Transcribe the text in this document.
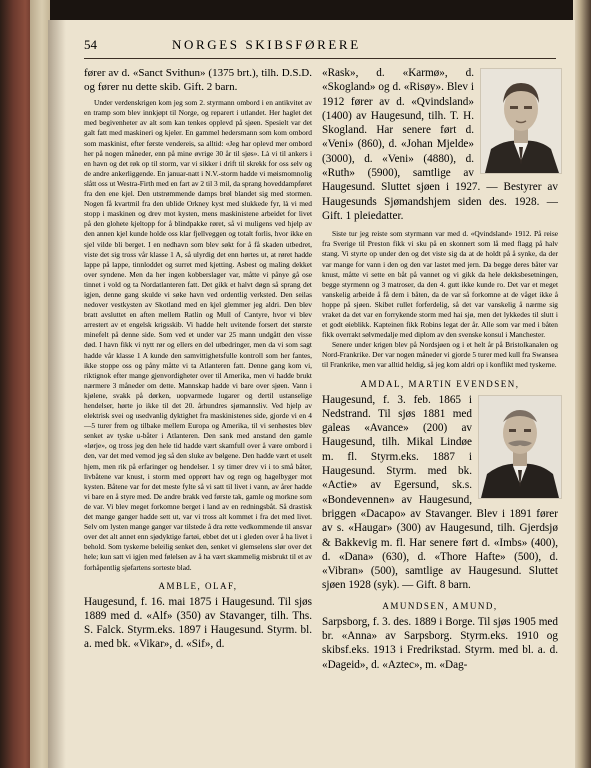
54	NORGES SKIBSFØRERE

fører av d. «Sanct Svithun» (1375 brt.), tilh. D.S.D. og fører nu dette skib. Gift. 2 barn.

Under verdenskrigen kom jeg som 2. styrmann ombord i en antikvitet av en tramp som blev innkjøpt til Norge, og reparert i utlandet. Her haglet det med begivenheter av alt som kan tenkes opplevd på sjøen. Spesielt var det galt fatt med maskineri og kjeler. En gammel hedersmann som kom ombord som maskinist, efter første vendereis, sa alltid: «Jeg har oplevd mer ombord her på nogen måneder, enn på mine øvrige 30 år til sjøs». Là vi til ankers i en havn og det røk op til storm, var vi sikker i drift til skrekk for oss selv og de andre ankerliggende. En januar-natt i N.V.-storm hadde vi møismomnolig slått oss ut Westra-Firth med en fart av 2 til 3 mil, da sprang hoveddampføret fra den ene kjel. Den utstrømmende damps brøl blandet sig med stormen. Nogen få kvartmil fra den ublide Orkney kyst med slukkede fyr, là vi med stopp i maskinen og drev mot kysten, mens maskinistene arbeidet for livet på den glohete kjeltopp for å blindpakke røret, så vi muligens ved hjelp av den annen kjel kunde holde oss klar fjellveggen og totalt forlis, hvor ikke en sjel vilde bli berget. I en nedhavn som blev søkt for å få skaden utbedret, viste det sig tross vår klasse 1 A, så ulyrdig det enn hørtes ut, at røret hadde lappe på lappe, tinnloddet og surret med kjetting. Asbest og maling dekket over syndene. Men da her ingen kobberslager var, måtte vi pånye gå ose tinnet i vold og ta Nordatlanteren fatt. Det gikk et halvt døgn så sprang det igjen, denne gang skulde vi søke havn ved ordentlig verksted. Den seilas nedover vestkysten av Skotland med en kjel glemmer jeg aldri. Den blev bratt avsluttet en aften mellem Ratlin og Mull of Cantyre, hvor vi blev arrestert av et engelsk krigsskib. Vi hadde helt uvitende forsert det største minefelt på denne side. Som ved et under var 25 mann undgått den visse død. I havn fikk vi nytt rør og ellers en del utbedringer, men da vi som sagt hadde vår klasse 1 A kunde den samvittighetsfulle kontroll som her fantes, ikke stoppe oss og påny måtte vi ta Atlanteren fatt. Denne gang kom vi, riktignok efter mange gjenvordigheter over til Amerika, men vi hadde brukt nærmere 3 måneder om dette. Mannskap hadde vi bare over sjøen. Vann i kjølene, svakk på dørken, uopvarmede lugarer og dertil ustanselige hendelser, hørte jo ikke til det 20. århundres sjømannsliv. Ved hjelp av elektrisk svei og usedvanlig dyktighet fra maskinistenes side, gjorde vi en 4—5 turer frem og tilbake mellem Europa og Amerika, til vi senhøstes blev senket av tyske u-båter i Atlanteren. Den sank med anstand den gamle «lørje», og tross jeg den hele tid hadde vært skamfull over å være ombord i den, var det med vemod jeg så den sluke av bølgene. Den hadde vært et uselt hjem, men rik på erfaringer og hendelser. 1 sy timer drev vi i to små båter, livbåtene var knust, i storm med opprørt hav og regn og hagelbyger mot kysten. Båtene var for det meste fylte så vi satt til livet i vann, av årer hadde vi bare en å styre med. De andre brakk ved første tak, gamle og morkne som de var. Vi blev meget forkomne berget i land av en redningsbåt. Så drastisk det mange ganger hadde sett ut, var vi tross alt kommet i fra det med livet. Selv om lysten mange ganger var tilstede å dra rette vedkommende til ansvar over det alt annet enn sjødyktige fartøi, ebbet det ut i gleden over å ha livet i behold. Som tyskerne beleilig senket den, senket vi glemselens slør over det hele; kun satt vi igjen med følelsen av å ha vært skammelig misbrukt til et av forhåpentlig sjøfartens sorteste blad.

AMBLE, OLAF,

Haugesund, f. 16. mai 1875 i Haugesund. Til sjøs 1889 med d. «Alf» (350) av Stavanger, tilh. Ths. S. Falck. Styrm.eks. 1897 i Haugesund. Styrm. bl. a. med bk. «Vikar», d. «Sif», d.

«Rask», d. «Karmø», d. «Skogland» og d. «Risøy». Blev i 1912 fører av d. «Qvindsland» (1400) av Haugesund, tilh. T. H. Skogland. Har senere ført d. «Veni» (860), d. «Johan Mjelde» (3000), d. «Veni» (4880), d. «Ruth» (5900), samtlige av Haugesund. Sluttet sjøen i 1927. — Bestyrer av Haugesunds Sjømandshjem siden des. 1928. — Gift. 1 pleiedatter.

Siste tur jeg reiste som styrmann var med d. «Qvindsland» 1912. På reise fra Sverige til Preston fikk vi sku på en skonnert som lå med flagg på halv stang. Vi styrte op under den og det viste sig da at de holdt på å synke, da der var mange for vann i den og den var lastet med jern. Da begge deres båter var knust, måtte vi sette en båt på vannet og vi gikk da hele dekksbesetningen, begge styrmenn og 3 matroser, da den 4. gutt ikke kunde ro. Det var et meget vanskelig arbeide å få dem i båten, da de var så forkomne at de våget ikke å hoppe på sjøen. Skibet rullet forferdelig, så det var vanskelig å nærme sig vraket da det var en forrykende storm med hai sjø, men det lykkedes til slutt i et godt øieblikk. Kapteinen fikk Robins legat der år. Alle som var med i båten fikk overrakt sølvmedalje med diplom av den svenske konsul i Manchester.

Senere under krigen blev på Nordsjøen og i et helt år på Bristolkanalen og Nord-Frankrike. Der var nogen måneder vi gjorde 5 turer med kull fra Swansea til Frankrike, men var alltid heldig, så jeg kom aldri op i konflikt med tyskerne.

AMDAL, MARTIN EVENDSEN,

Haugesund, f. 3. feb. 1865 i Nedstrand. Til sjøs 1881 med galeas «Avance» (200) av Haugesund, tilh. Mikal Lindøe m. fl. Styrm.eks. 1887 i Haugesund. Styrm. med bk. «Actie» av Egersund, sk.s. «Bondevennen» av Haugesund, briggen «Dacapo» av Stavanger. Blev i 1891 fører av s. «Haugar» (300) av Haugesund, tilh. Gjerdsjø & Bakkevig m. fl. Har senere ført d. «Imbs» (400), d. «Dana» (630), d. «Thore Hafte» (500), d. «Vibran» (500), samtlige av Haugesund. Sluttet sjøen 1928 (syk). — Gift. 8 barn.

AMUNDSEN, AMUND,

Sarpsborg, f. 3. des. 1889 i Borge. Til sjøs 1905 med br. «Anna» av Sarpsborg. Styrm.eks. 1910 og skibsf.eks. 1913 i Fredrikstad. Styrm. med bl. a. d. «Dageid», d. «Aztec», m. «Dag-
